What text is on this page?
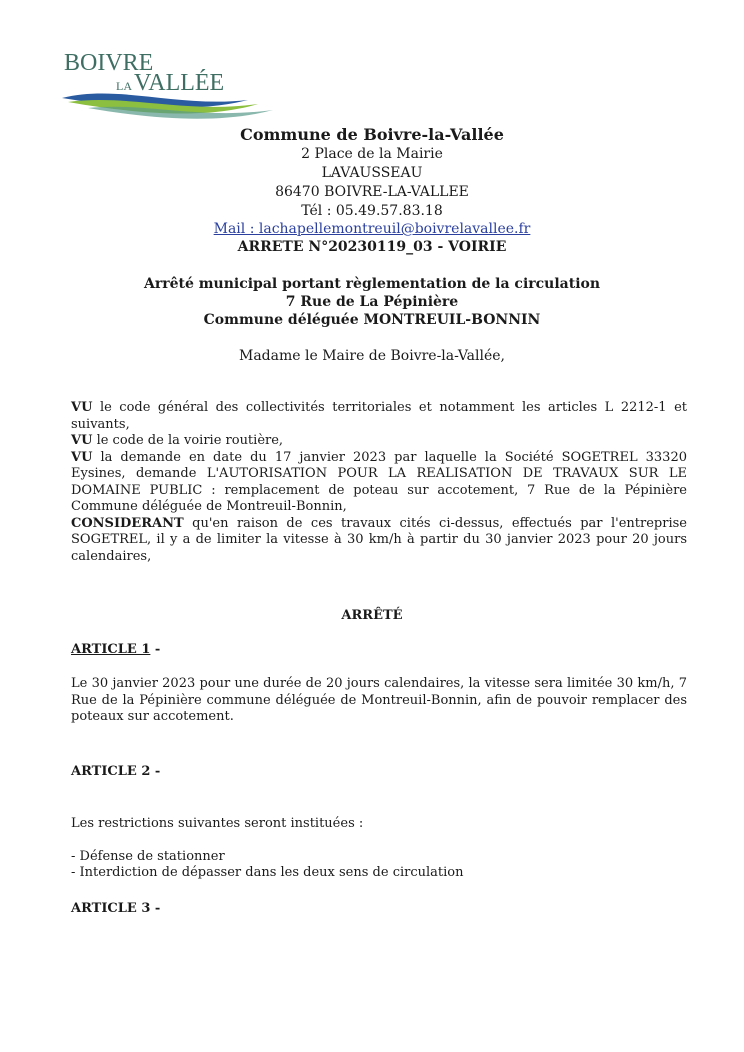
BOIVRE
LA VALLÉE
Commune de Boivre-la-Vallée
2 Place de la Mairie
LAVAUSSEAU
86470 BOIVRE-LA-VALLEE
Tél : 05.49.57.83.18
Mail : lachapellemontreuil@boivrelavallee.fr
ARRETE N°20230119_03 - VOIRIE
Arrêté municipal portant règlementation de la circulation
7 Rue de La Pépinière
Commune déléguée MONTREUIL-BONNIN
Madame le Maire de Boivre-la-Vallée,
VU le code général des collectivités territoriales et notamment les articles L 2212-1 et suivants,
VU le code de la voirie routière,
VU la demande en date du 17 janvier 2023 par laquelle la Société SOGETREL 33320 Eysines, demande L'AUTORISATION POUR LA REALISATION DE TRAVAUX SUR LE DOMAINE PUBLIC : remplacement de poteau sur accotement, 7 Rue de la Pépinière Commune déléguée de Montreuil-Bonnin,
CONSIDERANT qu'en raison de ces travaux cités ci-dessus, effectués par l'entreprise SOGETREL, il y a de limiter la vitesse à 30 km/h à partir du 30 janvier 2023 pour 20 jours calendaires,
ARRÊTÉ
ARTICLE 1 -
Le 30 janvier 2023 pour une durée de 20 jours calendaires, la vitesse sera limitée 30 km/h, 7 Rue de la Pépinière commune déléguée de Montreuil-Bonnin, afin de pouvoir remplacer des poteaux sur accotement.
ARTICLE 2 -
Les restrictions suivantes seront instituées :
- Défense de stationner
- Interdiction de dépasser dans les deux sens de circulation
ARTICLE 3 -
